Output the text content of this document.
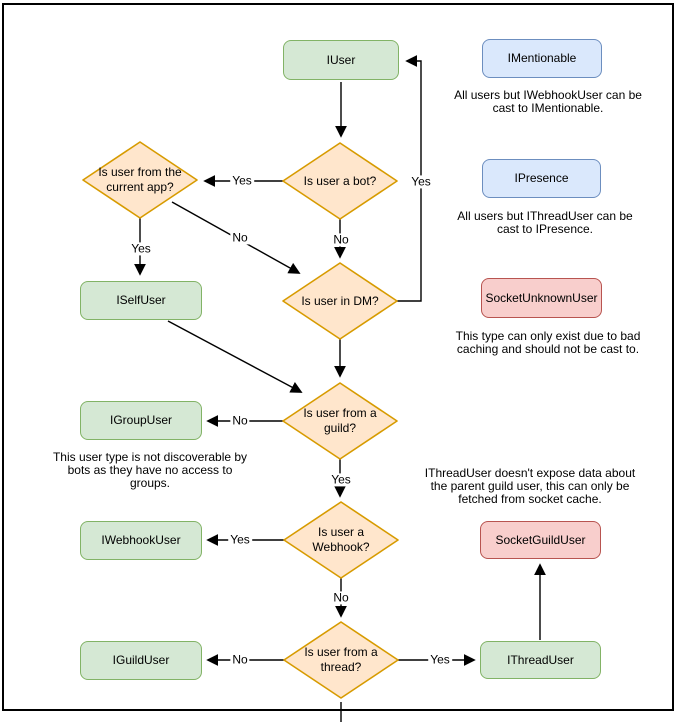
IUser
ISelfUser
IGroupUser
IWebhookUser
IGuildUser	IThreadUser
IMentionable
IPresence
SocketUnknownUser
SocketGuildUser
Is user from the current app?	Is user a bot?
Is user in DM?
Is user from a guild?
Is user a Webhook?
Is user from a thread?
Yes
No
Yes
No
Yes
No
Yes
Yes
No
No	Yes
All users but IWebhookUser can be cast to IMentionable.
All users but IThreadUser can be cast to IPresence.
This type can only exist due to bad caching and should not be cast to.
This user type is not discoverable by bots as they have no access to groups.
IThreadUser doesn't expose data about the parent guild user, this can only be fetched from socket cache.
